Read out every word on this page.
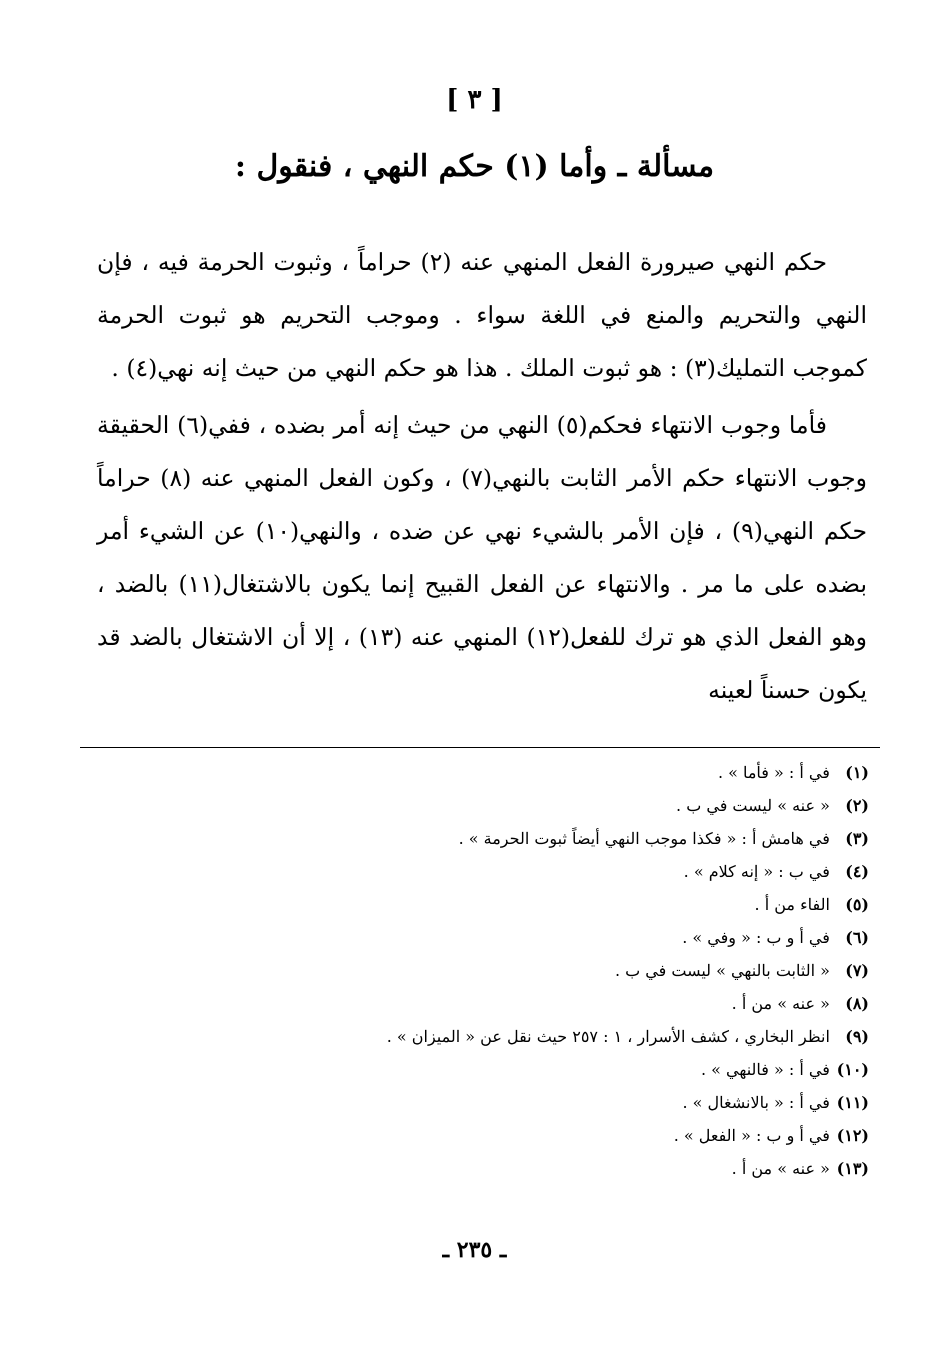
[ ٣ ]
مسألة ـ وأما (١) حكم النهي ، فنقول :

حكم النهي صيرورة الفعل المنهي عنه (٢) حراماً ، وثبوت الحرمة فيه ، فإن النهي والتحريم والمنع في اللغة سواء . وموجب التحريم هو ثبوت الحرمة كموجب التمليك(٣) : هو ثبوت الملك . هذا هو حكم النهي من حيث إنه نهي(٤) .

فأما وجوب الانتهاء فحكم(٥) النهي من حيث إنه أمر بضده ، ففي(٦) الحقيقة وجوب الانتهاء حكم الأمر الثابت بالنهي(٧) ، وكون الفعل المنهي عنه (٨) حراماً حكم النهي(٩) ، فإن الأمر بالشيء نهي عن ضده ، والنهي(١٠) عن الشيء أمر بضده على ما مر . والانتهاء عن الفعل القبيح إنما يكون بالاشتغال(١١) بالضد ، وهو الفعل الذي هو ترك للفعل(١٢) المنهي عنه (١٣) ، إلا أن الاشتغال بالضد قد يكون حسناً لعينه

(١) في أ : « فأما » .
(٢) « عنه » ليست في ب .
(٣) في هامش أ : « فكذا موجب النهي أيضاً ثبوت الحرمة » .
(٤) في ب : « إنه كلام » .
(٥) الفاء من أ .
(٦) في أ و ب : « وفي » .
(٧) « الثابت بالنهي » ليست في ب .
(٨) « عنه » من أ .
(٩) انظر البخاري ، كشف الأسرار ، ١ : ٢٥٧ حيث نقل عن « الميزان » .
(١٠) في أ : « فالنهي » .
(١١) في أ : « بالانشغال » .
(١٢) في أ و ب : « الفعل » .
(١٣) « عنه » من أ .
ـ ٢٣٥ ـ
